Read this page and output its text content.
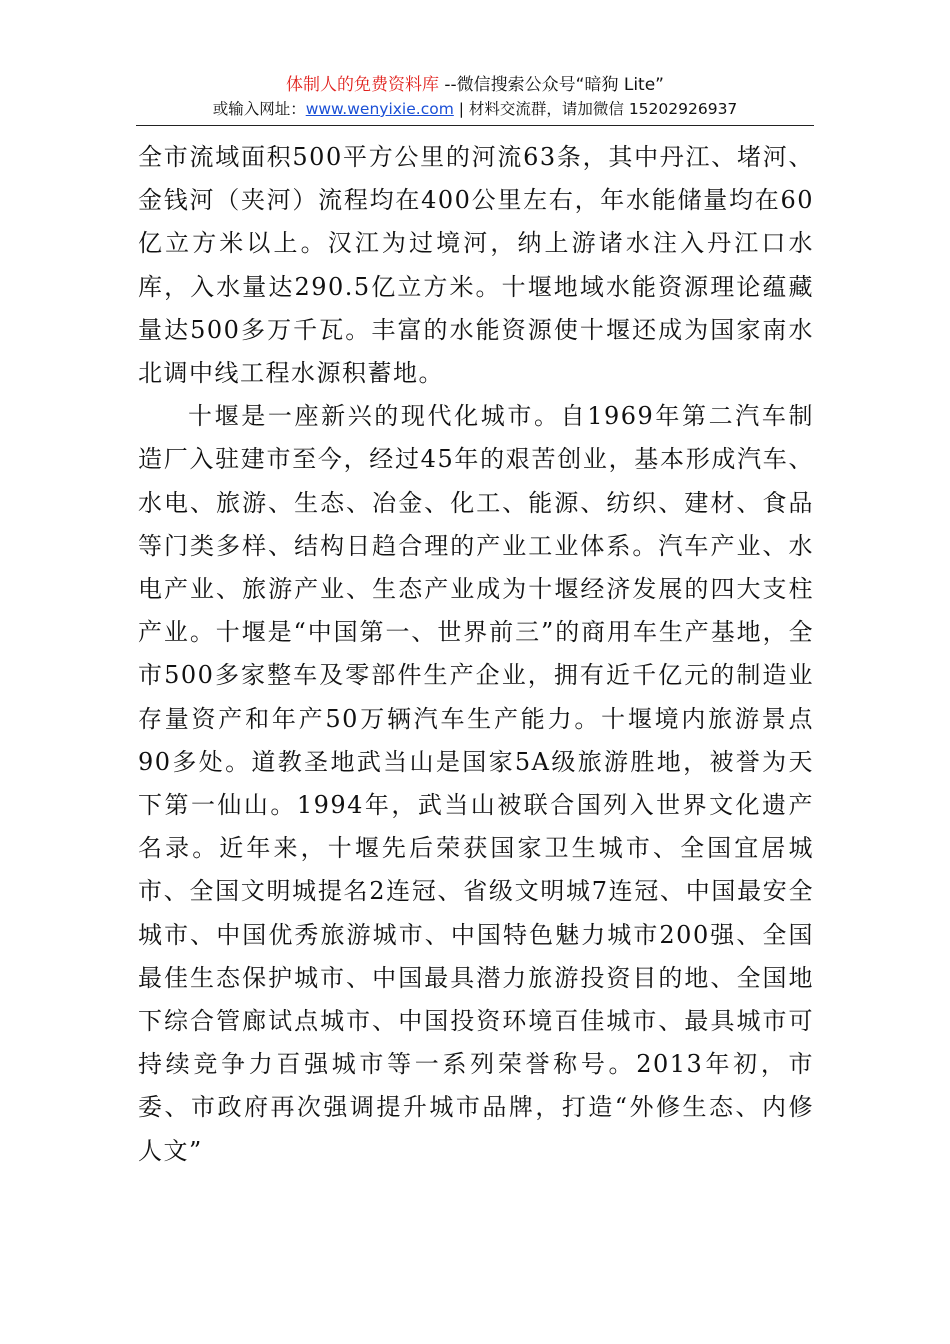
体制人的免费资料库 --微信搜索公众号“暗狗 Lite”
或输入网址：www.wenyixie.com | 材料交流群，请加微信 15202926937

全市流域面积500平方公里的河流63条，其中丹江、堵河、金钱河（夹河）流程均在400公里左右，年水能储量均在60亿立方米以上。汉江为过境河，纳上游诸水注入丹江口水库，入水量达290.5亿立方米。十堰地域水能资源理论蕴藏量达500多万千瓦。丰富的水能资源使十堰还成为国家南水北调中线工程水源积蓄地。

十堰是一座新兴的现代化城市。自1969年第二汽车制造厂入驻建市至今，经过45年的艰苦创业，基本形成汽车、水电、旅游、生态、冶金、化工、能源、纺织、建材、食品等门类多样、结构日趋合理的产业工业体系。汽车产业、水电产业、旅游产业、生态产业成为十堰经济发展的四大支柱产业。十堰是“中国第一、世界前三”的商用车生产基地，全市500多家整车及零部件生产企业，拥有近千亿元的制造业存量资产和年产50万辆汽车生产能力。十堰境内旅游景点90多处。道教圣地武当山是国家5A级旅游胜地，被誉为天下第一仙山。1994年，武当山被联合国列入世界文化遗产名录。近年来，十堰先后荣获国家卫生城市、全国宜居城市、全国文明城提名2连冠、省级文明城7连冠、中国最安全城市、中国优秀旅游城市、中国特色魅力城市200强、全国最佳生态保护城市、中国最具潜力旅游投资目的地、全国地下综合管廊试点城市、中国投资环境百佳城市、最具城市可持续竞争力百强城市等一系列荣誉称号。2013年初，市委、市政府再次强调提升城市品牌，打造“外修生态、内修人文”
